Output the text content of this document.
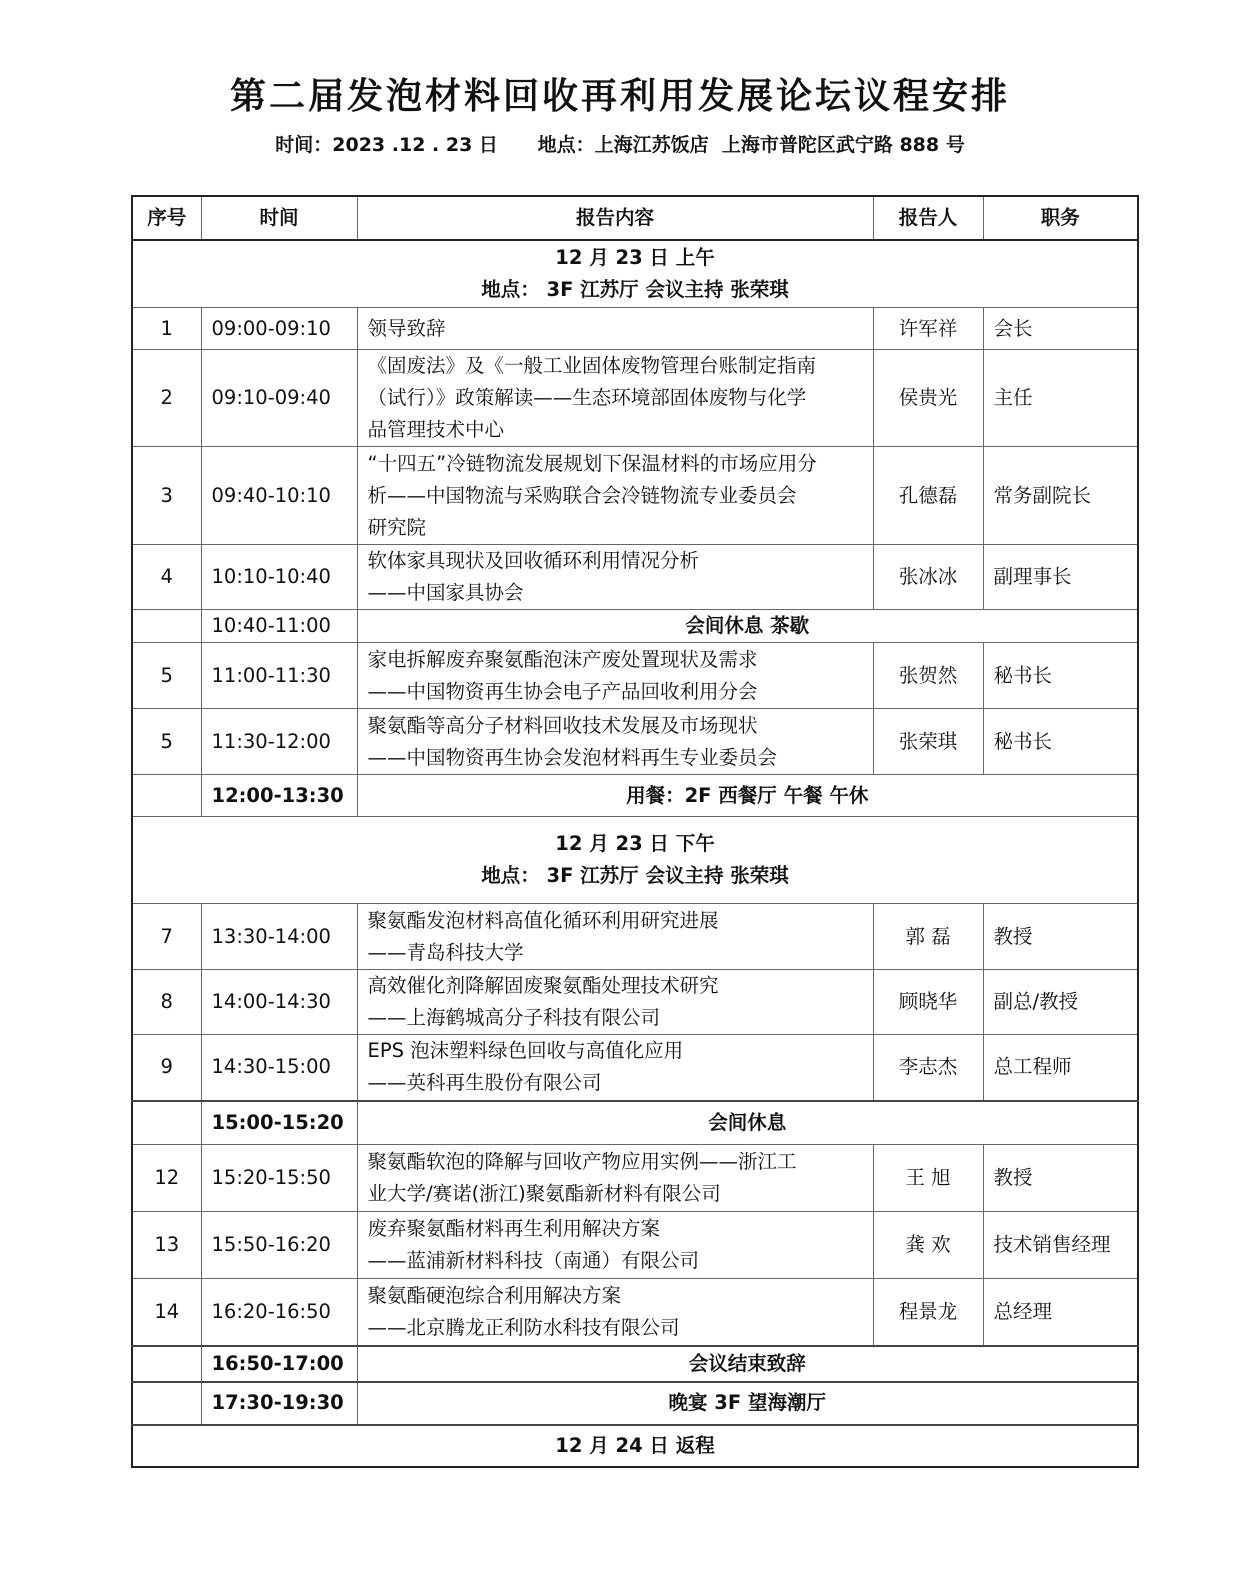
第二届发泡材料回收再利用发展论坛议程安排
时间：2023 .12 . 23 日      地点：上海江苏饭店  上海市普陀区武宁路 888 号
序号	时间	报告内容	报告人	职务

12 月 23 日 上午
地点： 3F 江苏厅 会议主持 张荣琪				

1	09:00-09:10	领导致辞	许军祥	会长
2	09:10-09:40	《固废法》及《一般工业固体废物管理台账制定指南
（试行）》政策解读——生态环境部固体废物与化学
品管理技术中心	侯贵光	主任
3	09:40-10:10	“十四五”冷链物流发展规划下保温材料的市场应用分
析——中国物流与采购联合会冷链物流专业委员会
研究院	孔德磊	常务副院长
4	10:10-10:40	软体家具现状及回收循环利用情况分析
——中国家具协会	张冰冰	副理事长
	10:40-11:00	会间休息 茶歇		
5	11:00-11:30	家电拆解废弃聚氨酯泡沫产废处置现状及需求
——中国物资再生协会电子产品回收利用分会	张贺然	秘书长
5	11:30-12:00	聚氨酯等高分子材料回收技术发展及市场现状
——中国物资再生协会发泡材料再生专业委员会	张荣琪	秘书长
	12:00-13:30	用餐：2F 西餐厅 午餐 午休		

12 月 23 日 下午
地点： 3F 江苏厅 会议主持 张荣琪				

7	13:30-14:00	聚氨酯发泡材料高值化循环利用研究进展
——青岛科技大学	郭 磊	教授
8	14:00-14:30	高效催化剂降解固废聚氨酯处理技术研究
——上海鹤城高分子科技有限公司	顾晓华	副总/教授
9	14:30-15:00	EPS 泡沫塑料绿色回收与高值化应用
——英科再生股份有限公司	李志杰	总工程师
	15:00-15:20	会间休息		
12	15:20-15:50	聚氨酯软泡的降解与回收产物应用实例——浙江工
业大学/赛诺(浙江)聚氨酯新材料有限公司	王 旭	教授
13	15:50-16:20	废弃聚氨酯材料再生利用解决方案
——蓝浦新材料科技（南通）有限公司	龚 欢	技术销售经理
14	16:20-16:50	聚氨酯硬泡综合利用解决方案
——北京腾龙正利防水科技有限公司	程景龙	总经理
	16:50-17:00	会议结束致辞		
	17:30-19:30	晚宴 3F 望海潮厅		
12 月 24 日 返程				
